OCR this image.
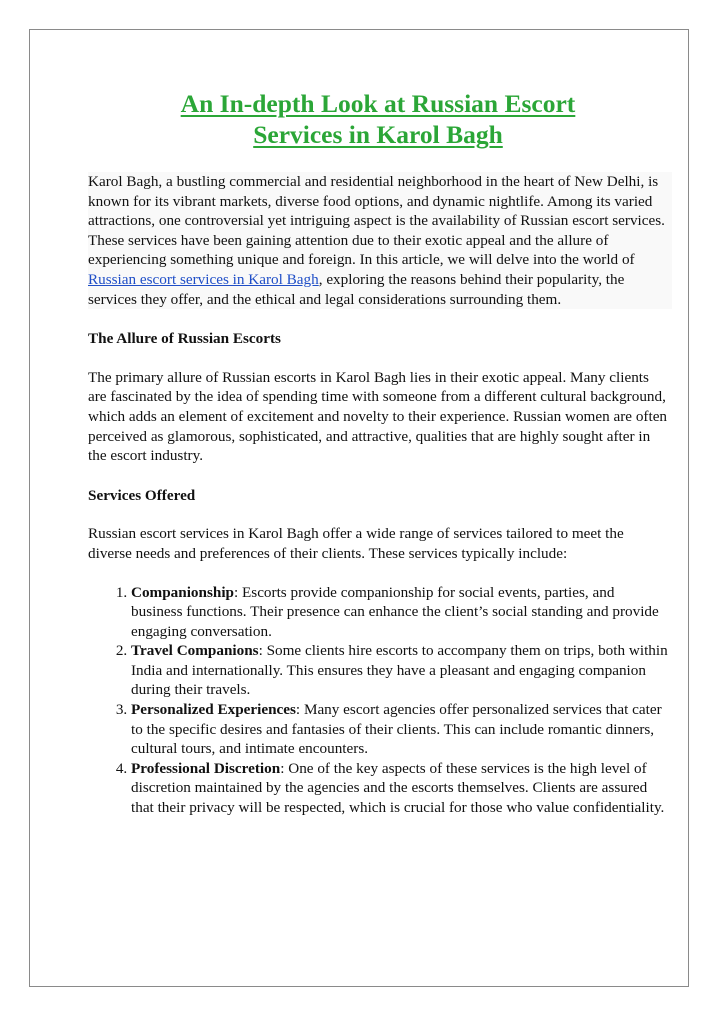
An In-depth Look at Russian Escort
Services in Karol Bagh

Karol Bagh, a bustling commercial and residential neighborhood in the heart of New Delhi, is known for its vibrant markets, diverse food options, and dynamic nightlife. Among its varied attractions, one controversial yet intriguing aspect is the availability of Russian escort services. These services have been gaining attention due to their exotic appeal and the allure of experiencing something unique and foreign. In this article, we will delve into the world of Russian escort services in Karol Bagh, exploring the reasons behind their popularity, the services they offer, and the ethical and legal considerations surrounding them.

The Allure of Russian Escorts

The primary allure of Russian escorts in Karol Bagh lies in their exotic appeal. Many clients are fascinated by the idea of spending time with someone from a different cultural background, which adds an element of excitement and novelty to their experience. Russian women are often perceived as glamorous, sophisticated, and attractive, qualities that are highly sought after in the escort industry.

Services Offered

Russian escort services in Karol Bagh offer a wide range of services tailored to meet the diverse needs and preferences of their clients. These services typically include:

1. Companionship: Escorts provide companionship for social events, parties, and business functions. Their presence can enhance the client’s social standing and provide engaging conversation.
2. Travel Companions: Some clients hire escorts to accompany them on trips, both within India and internationally. This ensures they have a pleasant and engaging companion during their travels.
3. Personalized Experiences: Many escort agencies offer personalized services that cater to the specific desires and fantasies of their clients. This can include romantic dinners, cultural tours, and intimate encounters.
4. Professional Discretion: One of the key aspects of these services is the high level of discretion maintained by the agencies and the escorts themselves. Clients are assured that their privacy will be respected, which is crucial for those who value confidentiality.
